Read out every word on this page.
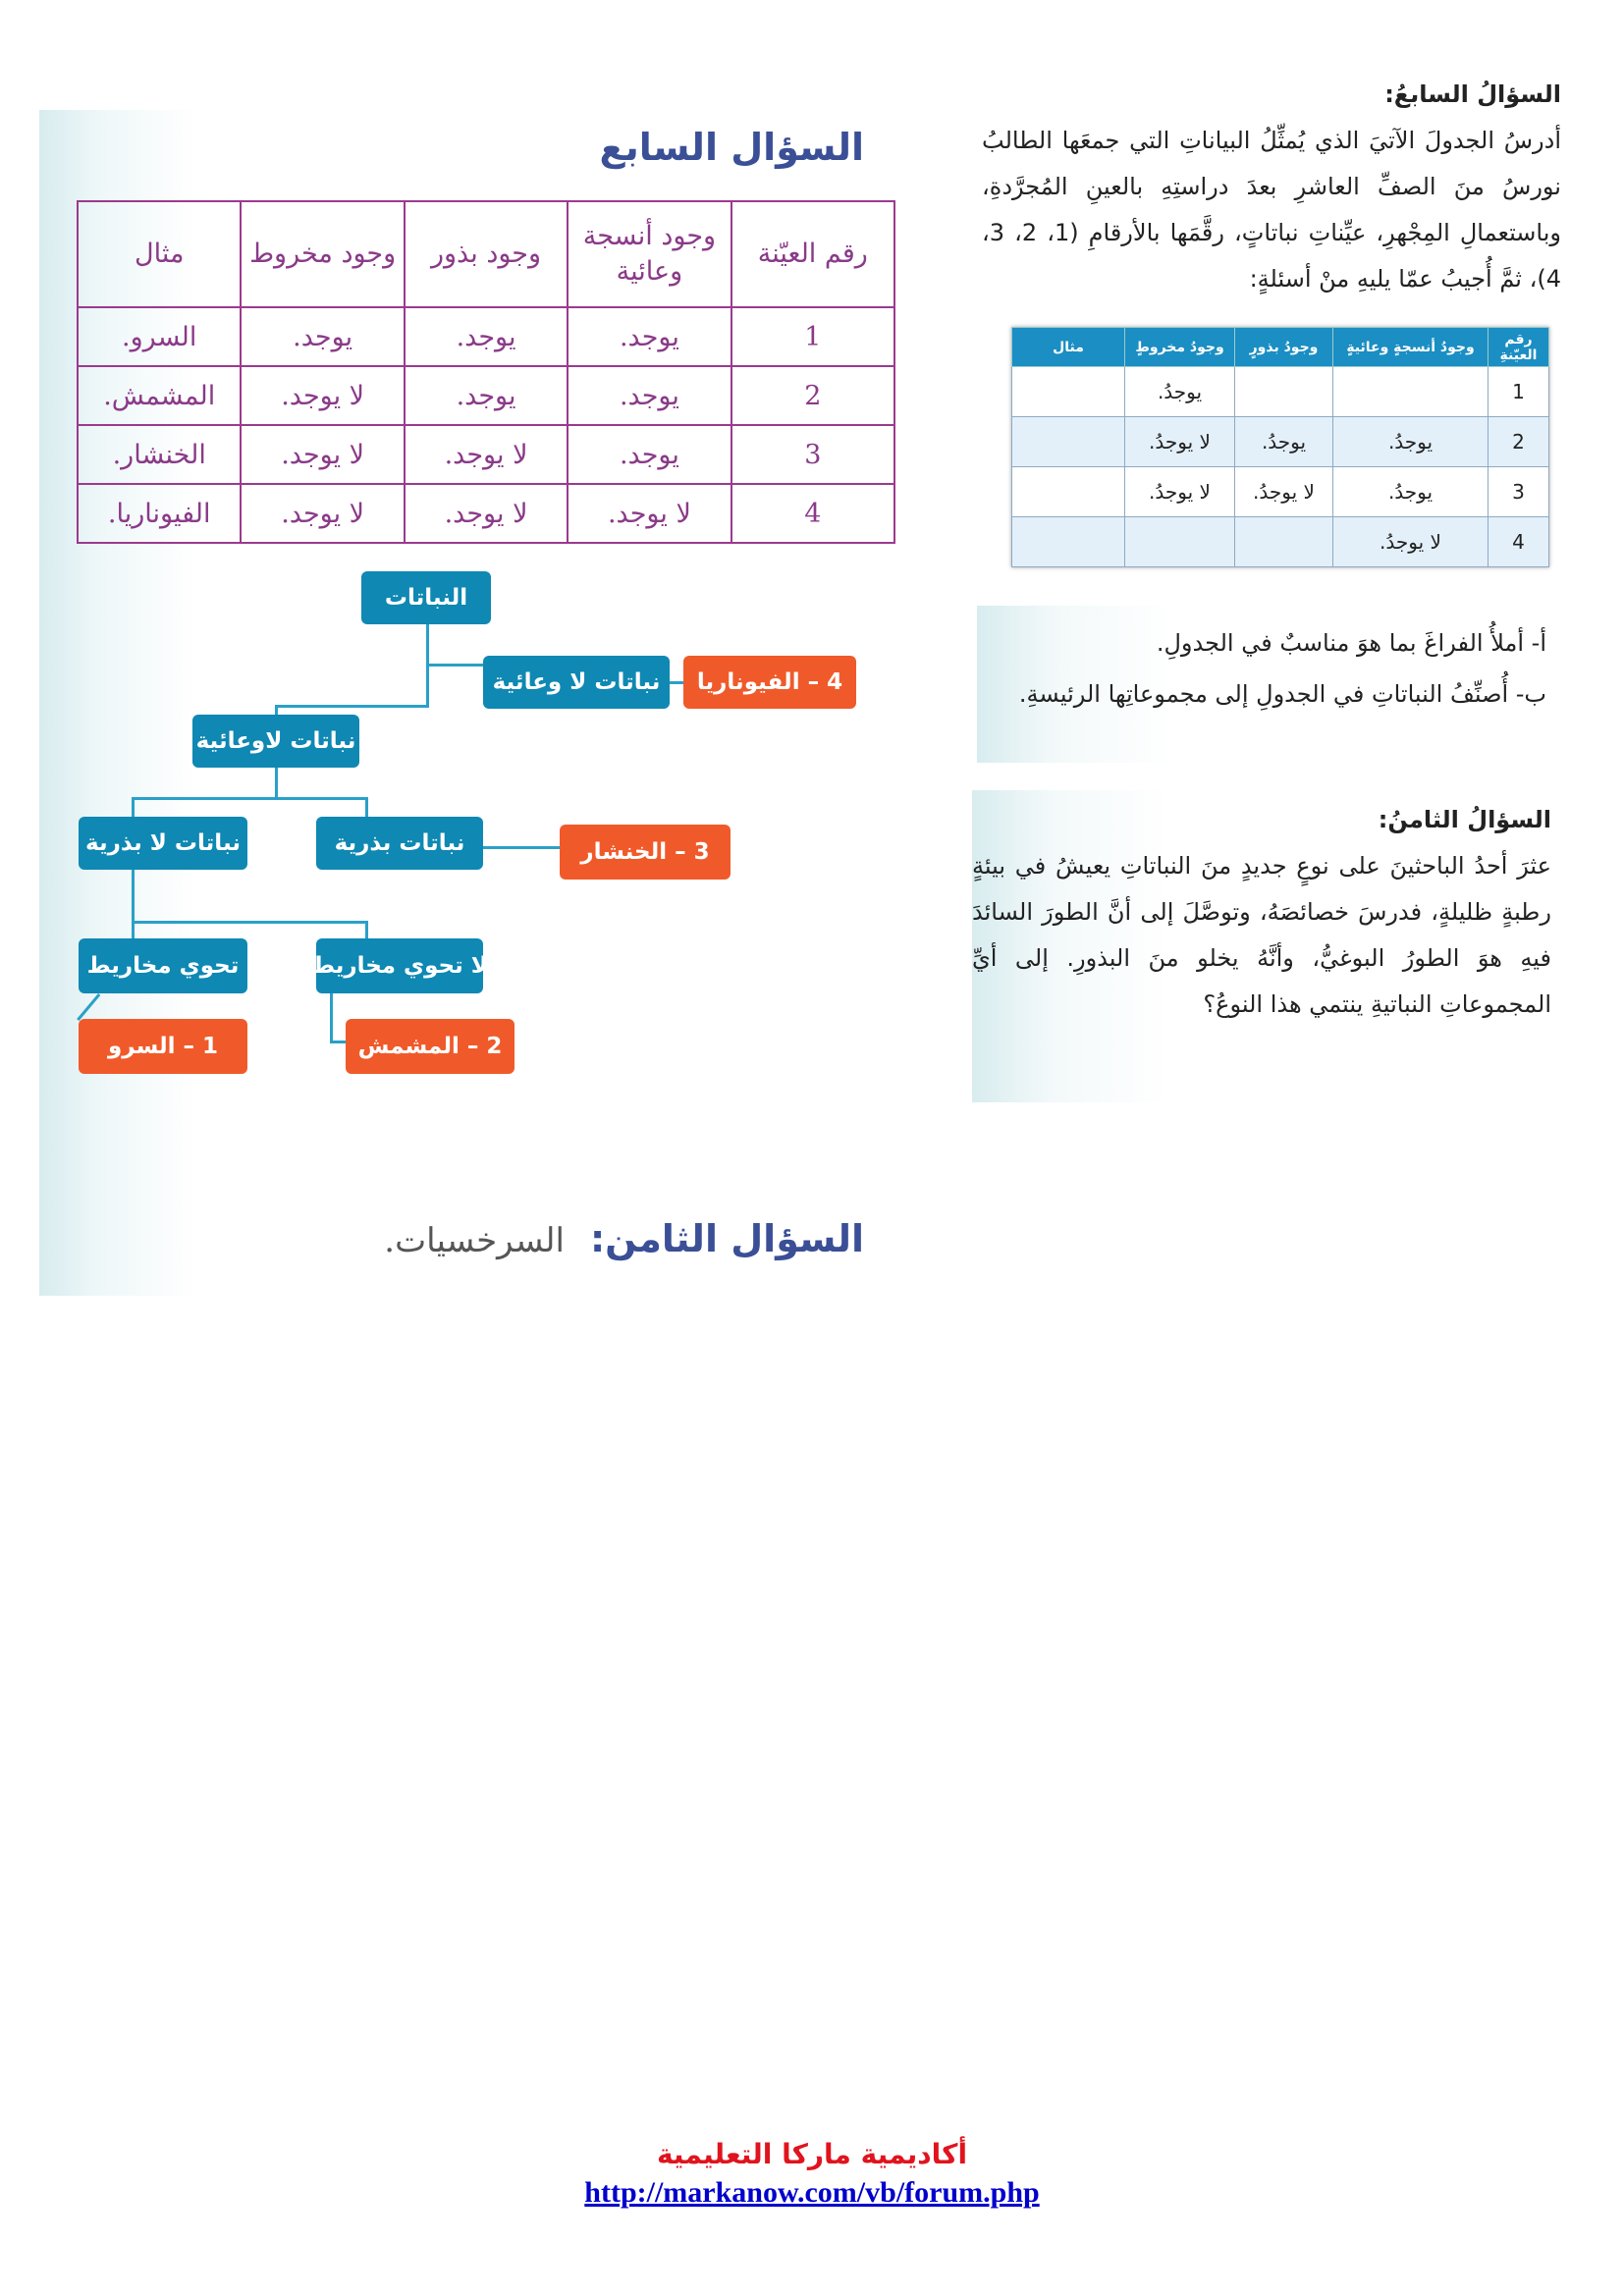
السؤال السابع
رقم العيّنة	وجود أنسجة وعائية	وجود بذور	وجود مخروط	مثال
1	يوجد.	يوجد.	يوجد.	السرو.
2	يوجد.	يوجد.	لا يوجد.	المشمش.
3	يوجد.	لا يوجد.	لا يوجد.	الخنشار.
4	لا يوجد.	لا يوجد.	لا يوجد.	الفيوناريا.
النباتات
نباتات لا وعائية	4 – الفيوناريا
نباتات لاوعائية
نباتات بذرية
نباتات لا بذرية	3 – الخنشار
لا تحوي مخاريط
تحوي مخاريط
2 – المشمش
1 – السرو
السؤال الثامن:
السرخسيات.
السؤالُ السابعُ:

أدرسُ الجدولَ الآتيَ الذي يُمثِّلُ البياناتِ التي جمعَها الطالبُ نورسُ منَ الصفِّ العاشرِ بعدَ دراستِهِ بالعينِ المُجرَّدةِ، وباستعمالِ المِجْهرِ، عيِّناتِ نباتاتٍ، رقَّمَها بالأرقامِ (1، 2، 3، 4)، ثمَّ أُجيبُ عمّا يليهِ منْ أسئلةٍ:

رقم العيّنةِ	وجودُ أنسجةٍ وعائيةٍ	وجودُ بذورٍ	وجودُ مخروطٍ	مثال
1			يوجدُ.	
2	يوجدُ.	يوجدُ.	لا يوجدُ.	
3	يوجدُ.	لا يوجدُ.	لا يوجدُ.	
4	لا يوجدُ.			

أ- أملأُ الفراغَ بما هوَ مناسبٌ في الجدولِ.

ب- أُصنِّفُ النباتاتِ في الجدولِ إلى مجموعاتِها الرئيسةِ.

السؤالُ الثامنُ:

عثرَ أحدُ الباحثينَ على نوعٍ جديدٍ منَ النباتاتِ يعيشُ في بيئةٍ رطبةٍ ظليلةٍ، فدرسَ خصائصَهُ، وتوصَّلَ إلى أنَّ الطورَ السائدَ فيهِ هوَ الطورُ البوغيُّ، وأنَّهُ يخلو منَ البذورِ. إلى أيِّ المجموعاتِ النباتيةِ ينتمي هذا النوعُ؟

أكاديمية ماركا التعليمية
http://markanow.com/vb/forum.php
